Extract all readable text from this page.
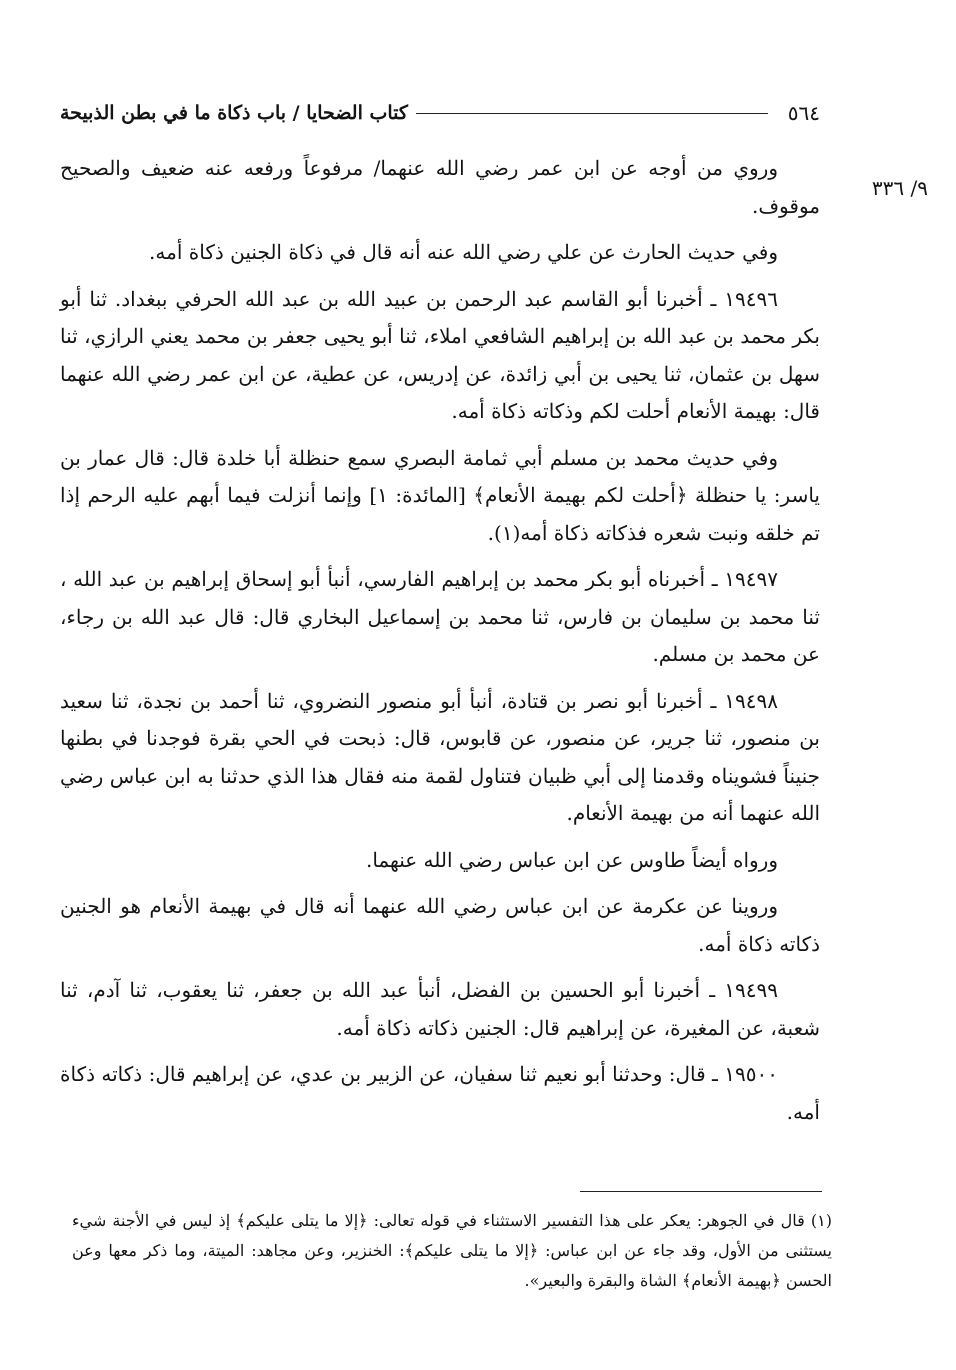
٥٦٤
كتاب الضحايا / باب ذكاة ما في بطن الذبيحة
٩/ ٣٣٦

وروي من أوجه عن ابن عمر رضي الله عنهما/ مرفوعاً ورفعه عنه ضعيف والصحيح موقوف.

وفي حديث الحارث عن علي رضي الله عنه أنه قال في ذكاة الجنين ذكاة أمه.

١٩٤٩٦ ـ أخبرنا أبو القاسم عبد الرحمن بن عبيد الله بن عبد الله الحرفي ببغداد. ثنا أبو بكر محمد بن عبد الله بن إبراهيم الشافعي املاء، ثنا أبو يحيى جعفر بن محمد يعني الرازي، ثنا سهل بن عثمان، ثنا يحيى بن أبي زائدة، عن إدريس، عن عطية، عن ابن عمر رضي الله عنهما قال: بهيمة الأنعام أحلت لكم وذكاته ذكاة أمه.

وفي حديث محمد بن مسلم أبي ثمامة البصري سمع حنظلة أبا خلدة قال: قال عمار بن ياسر: يا حنظلة ﴿أحلت لكم بهيمة الأنعام﴾ [المائدة: ١] وإنما أنزلت فيما أبهم عليه الرحم إذا تم خلقه ونبت شعره فذكاته ذكاة أمه(١).

١٩٤٩٧ ـ أخبرناه أبو بكر محمد بن إبراهيم الفارسي، أنبأ أبو إسحاق إبراهيم بن عبد الله ، ثنا محمد بن سليمان بن فارس، ثنا محمد بن إسماعيل البخاري قال: قال عبد الله بن رجاء، عن محمد بن مسلم.

١٩٤٩٨ ـ أخبرنا أبو نصر بن قتادة، أنبأ أبو منصور النضروي، ثنا أحمد بن نجدة، ثنا سعيد بن منصور، ثنا جرير، عن منصور، عن قابوس، قال: ذبحت في الحي بقرة فوجدنا في بطنها جنيناً فشويناه وقدمنا إلى أبي ظبيان فتناول لقمة منه فقال هذا الذي حدثنا به ابن عباس رضي الله عنهما أنه من بهيمة الأنعام.

ورواه أيضاً طاوس عن ابن عباس رضي الله عنهما.

وروينا عن عكرمة عن ابن عباس رضي الله عنهما أنه قال في بهيمة الأنعام هو الجنين ذكاته ذكاة أمه.

١٩٤٩٩ ـ أخبرنا أبو الحسين بن الفضل، أنبأ عبد الله بن جعفر، ثنا يعقوب، ثنا آدم، ثنا شعبة، عن المغيرة، عن إبراهيم قال: الجنين ذكاته ذكاة أمه.

١٩٥٠٠ ـ قال: وحدثنا أبو نعيم ثنا سفيان، عن الزبير بن عدي، عن إبراهيم قال: ذكاته ذكاة أمه.

(١) قال في الجوهر: يعكر على هذا التفسير الاستثناء في قوله تعالى: ﴿إلا ما يتلى عليكم﴾ إذ ليس في الأجنة شيء يستثنى من الأول، وقد جاء عن ابن عباس: ﴿إلا ما يتلى عليكم﴾: الخنزير، وعن مجاهد: الميتة، وما ذكر معها وعن الحسن ﴿بهيمة الأنعام﴾ الشاة والبقرة والبعير».
